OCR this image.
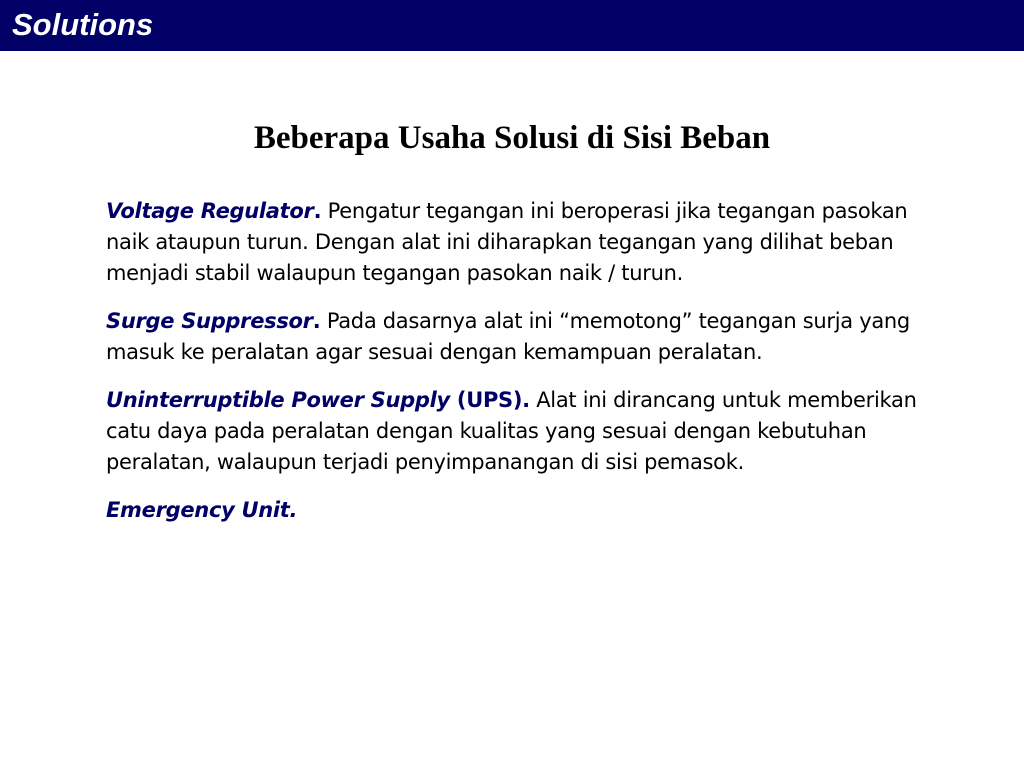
Solutions
Beberapa Usaha Solusi di Sisi Beban

Voltage Regulator. Pengatur tegangan ini beroperasi jika tegangan pasokan naik ataupun turun. Dengan alat ini diharapkan tegangan yang dilihat beban menjadi stabil walaupun tegangan pasokan naik / turun.

Surge Suppressor. Pada dasarnya alat ini “memotong” tegangan surja yang masuk ke peralatan agar sesuai dengan kemampuan peralatan.

Uninterruptible Power Supply (UPS). Alat ini dirancang untuk memberikan catu daya pada peralatan dengan kualitas yang sesuai dengan kebutuhan peralatan, walaupun terjadi penyimpanangan di sisi pemasok.

Emergency Unit.
